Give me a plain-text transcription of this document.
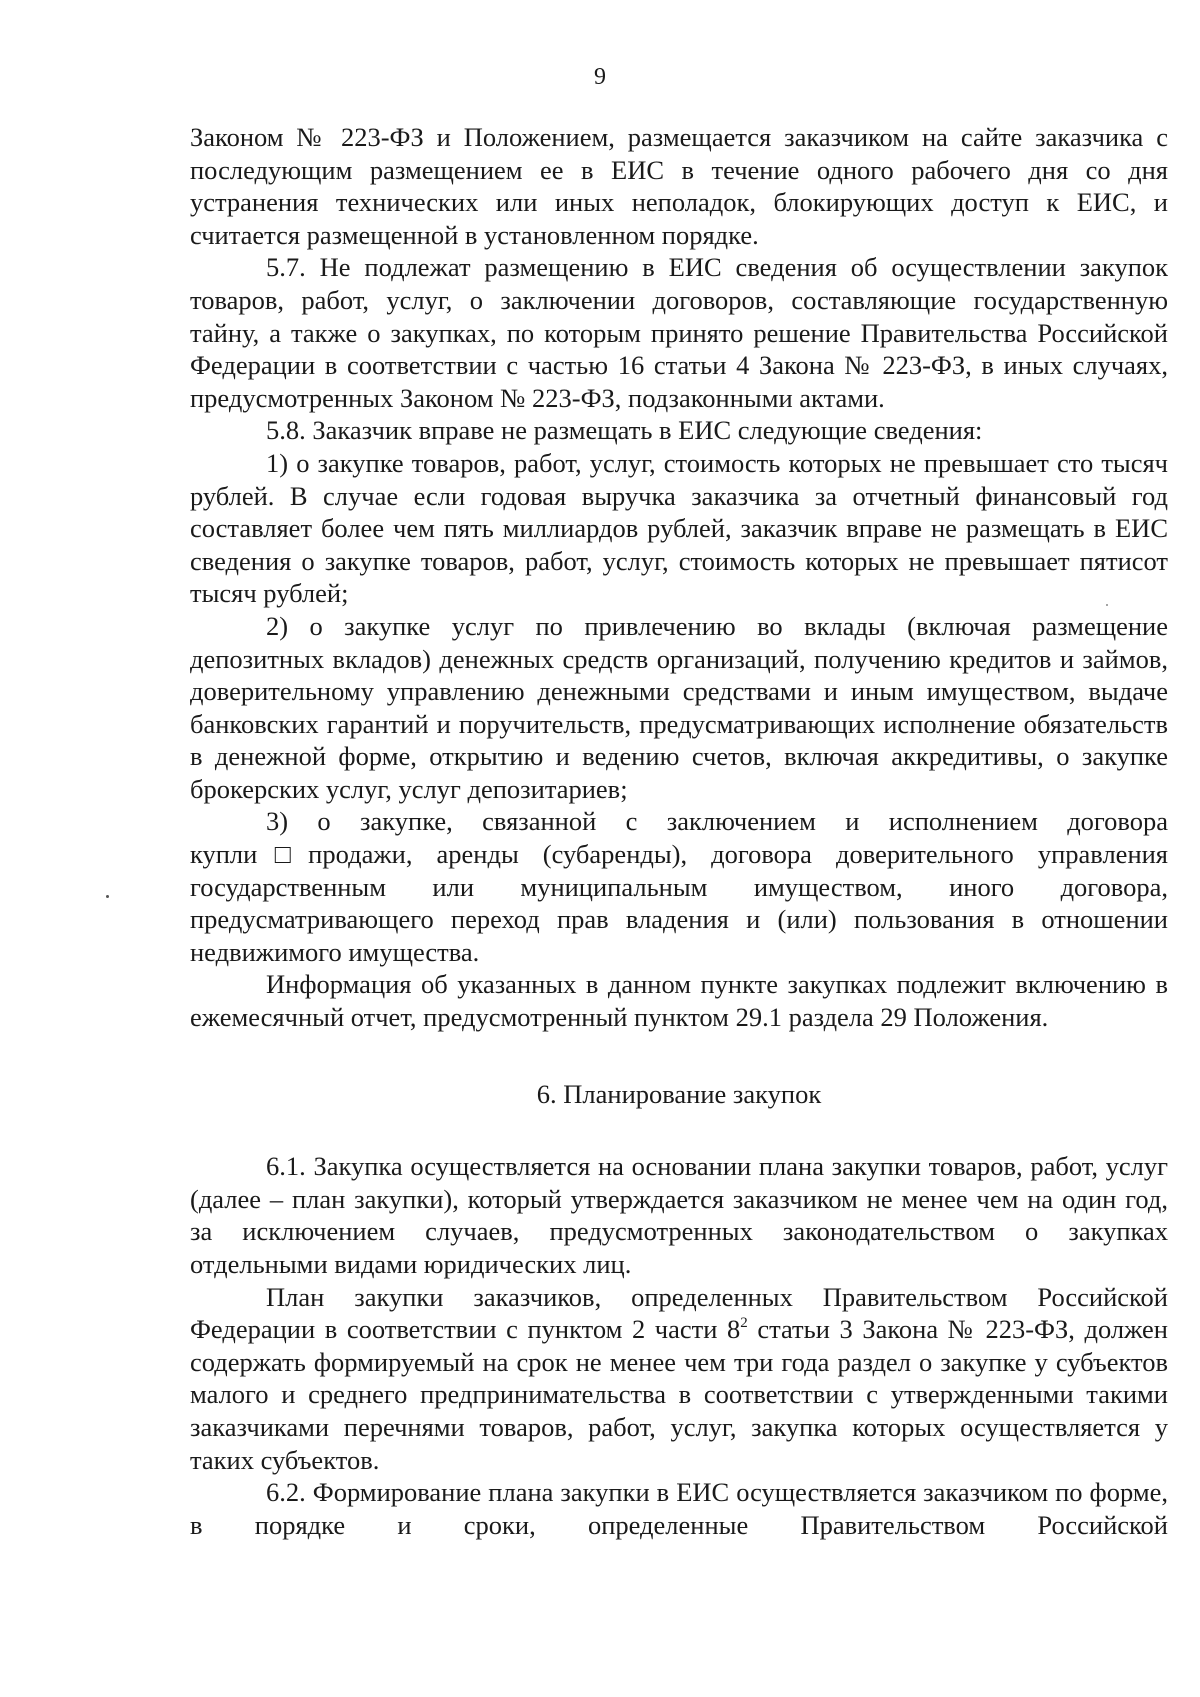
9

Законом № 223-ФЗ и Положением, размещается заказчиком на сайте заказчика с последующим размещением ее в ЕИС в течение одного рабочего дня со дня устранения технических или иных неполадок, блокирующих доступ к ЕИС, и считается размещенной в установленном порядке.

5.7. Не подлежат размещению в ЕИС сведения об осуществлении закупок товаров, работ, услуг, о заключении договоров, составляющие государственную тайну, а также о закупках, по которым принято решение Правительства Российской Федерации в соответствии с частью 16 статьи 4 Закона № 223-ФЗ, в иных случаях, предусмотренных Законом № 223-ФЗ, подзаконными актами.

5.8. Заказчик вправе не размещать в ЕИС следующие сведения:

1) о закупке товаров, работ, услуг, стоимость которых не превышает сто тысяч рублей. В случае если годовая выручка заказчика за отчетный финансовый год составляет более чем пять миллиардов рублей, заказчик вправе не размещать в ЕИС сведения о закупке товаров, работ, услуг, стоимость которых не превышает пятисот тысяч рублей;

2) о закупке услуг по привлечению во вклады (включая размещение депозитных вкладов) денежных средств организаций, получению кредитов и займов, доверительному управлению денежными средствами и иным имуществом, выдаче банковских гарантий и поручительств, предусматривающих исполнение обязательств в денежной форме, открытию и ведению счетов, включая аккредитивы, о закупке брокерских услуг, услуг депозитариев;

3) о закупке, связанной с заключением и исполнением договора купли□продажи, аренды (субаренды), договора доверительного управления государственным или муниципальным имуществом, иного договора, предусматривающего переход прав владения и (или) пользования в отношении недвижимого имущества.

Информация об указанных в данном пункте закупках подлежит включению в ежемесячный отчет, предусмотренный пунктом 29.1 раздела 29 Положения.

6. Планирование закупок

6.1. Закупка осуществляется на основании плана закупки товаров, работ, услуг (далее – план закупки), который утверждается заказчиком не менее чем на один год, за исключением случаев, предусмотренных законодательством о закупках отдельными видами юридических лиц.

План закупки заказчиков, определенных Правительством Российской Федерации в соответствии с пунктом 2 части $8^2$ статьи 3 Закона № 223-ФЗ, должен содержать формируемый на срок не менее чем три года раздел о закупке у субъектов малого и среднего предпринимательства в соответствии с утвержденными такими заказчиками перечнями товаров, работ, услуг, закупка которых осуществляется у таких субъектов.

6.2. Формирование плана закупки в ЕИС осуществляется заказчиком по форме, в порядке и сроки, определенные Правительством Российской
